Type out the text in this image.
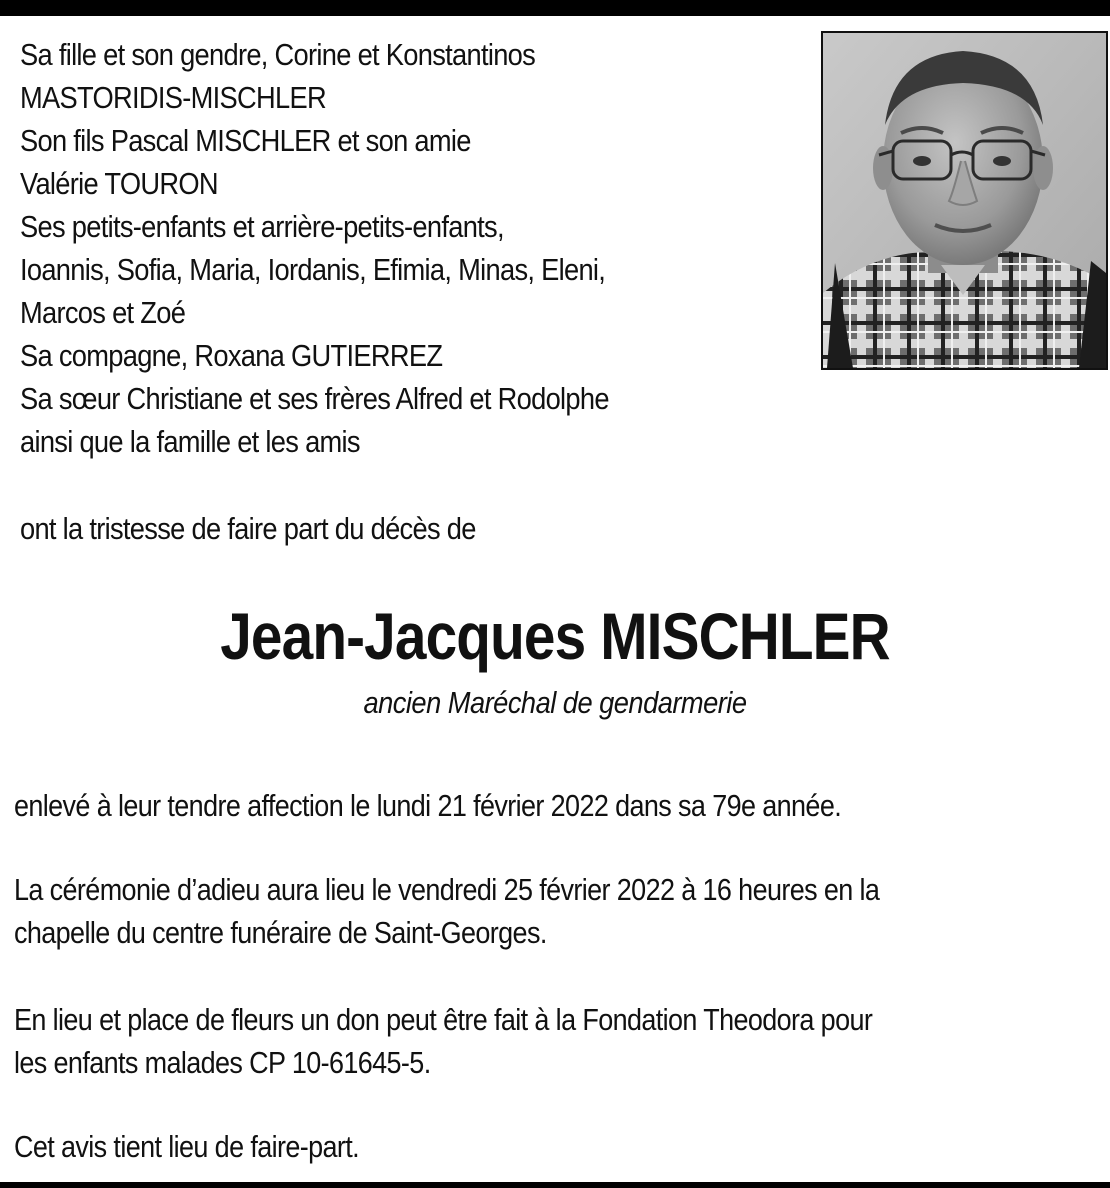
Sa fille et son gendre, Corine et Konstantinos
MASTORIDIS-MISCHLER
Son fils Pascal MISCHLER et son amie
Valérie TOURON
Ses petits-enfants et arrière-petits-enfants,
Ioannis, Sofia, Maria, Iordanis, Efimia, Minas, Eleni,
Marcos et Zoé
Sa compagne, Roxana GUTIERREZ
Sa sœur Christiane et ses frères Alfred et Rodolphe
ainsi que la famille et les amis
ont la tristesse de faire part du décès de
Jean-Jacques MISCHLER
ancien Maréchal de gendarmerie
enlevé à leur tendre affection le lundi 21 février 2022 dans sa 79e année.
La cérémonie d’adieu aura lieu le vendredi 25 février 2022 à 16 heures en la
chapelle du centre funéraire de Saint-Georges.
En lieu et place de fleurs un don peut être fait à la Fondation Theodora pour
les enfants malades CP 10-61645-5.
Cet avis tient lieu de faire-part.
